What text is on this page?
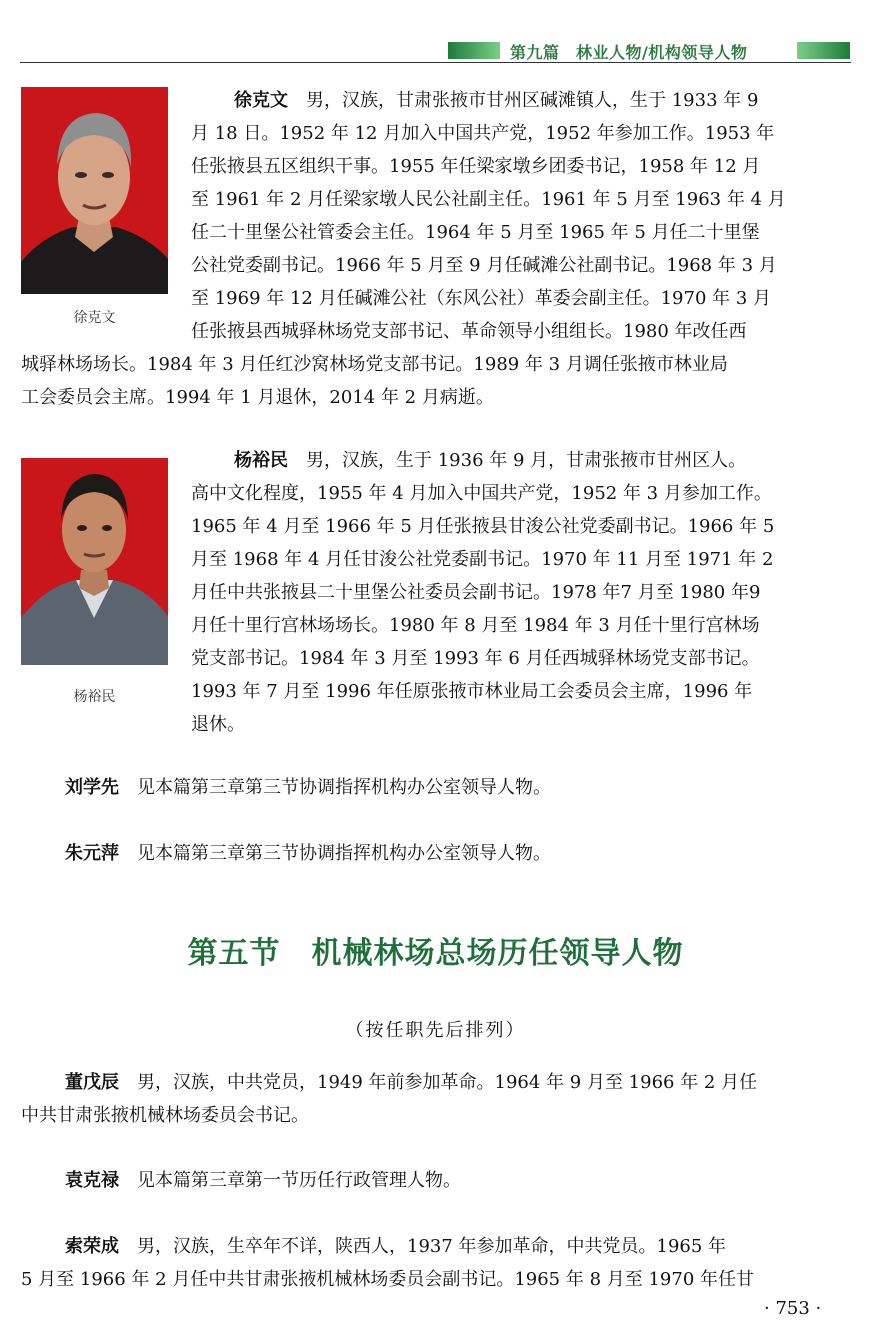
第九篇　林业人物/机构领导人物
徐克文
徐克文　男，汉族，甘肃张掖市甘州区碱滩镇人，生于 1933 年 9
月 18 日。1952 年 12 月加入中国共产党，1952 年参加工作。1953 年
任张掖县五区组织干事。1955 年任梁家墩乡团委书记，1958 年 12 月
至 1961 年 2 月任梁家墩人民公社副主任。1961 年 5 月至 1963 年 4 月
任二十里堡公社管委会主任。1964 年 5 月至 1965 年 5 月任二十里堡
公社党委副书记。1966 年 5 月至 9 月任碱滩公社副书记。1968 年 3 月
至 1969 年 12 月任碱滩公社（东风公社）革委会副主任。1970 年 3 月
任张掖县西城驿林场党支部书记、革命领导小组组长。1980 年改任西
城驿林场场长。1984 年 3 月任红沙窝林场党支部书记。1989 年 3 月调任张掖市林业局
工会委员会主席。1994 年 1 月退休，2014 年 2 月病逝。
杨裕民
杨裕民　男，汉族，生于 1936 年 9 月，甘肃张掖市甘州区人。
高中文化程度，1955 年 4 月加入中国共产党，1952 年 3 月参加工作。
1965 年 4 月至 1966 年 5 月任张掖县甘浚公社党委副书记。1966 年 5
月至 1968 年 4 月任甘浚公社党委副书记。1970 年 11 月至 1971 年 2
月任中共张掖县二十里堡公社委员会副书记。1978 年7 月至 1980 年9
月任十里行宫林场场长。1980 年 8 月至 1984 年 3 月任十里行宫林场
党支部书记。1984 年 3 月至 1993 年 6 月任西城驿林场党支部书记。
1993 年 7 月至 1996 年任原张掖市林业局工会委员会主席，1996 年
退休。
刘学先　见本篇第三章第三节协调指挥机构办公室领导人物。
朱元萍　见本篇第三章第三节协调指挥机构办公室领导人物。
第五节　机械林场总场历任领导人物
（按任职先后排列）
董戊辰　男，汉族，中共党员，1949 年前参加革命。1964 年 9 月至 1966 年 2 月任
中共甘肃张掖机械林场委员会书记。
袁克禄　见本篇第三章第一节历任行政管理人物。
索荣成　男，汉族，生卒年不详，陕西人，1937 年参加革命，中共党员。1965 年
5 月至 1966 年 2 月任中共甘肃张掖机械林场委员会副书记。1965 年 8 月至 1970 年任甘
· 753 ·
